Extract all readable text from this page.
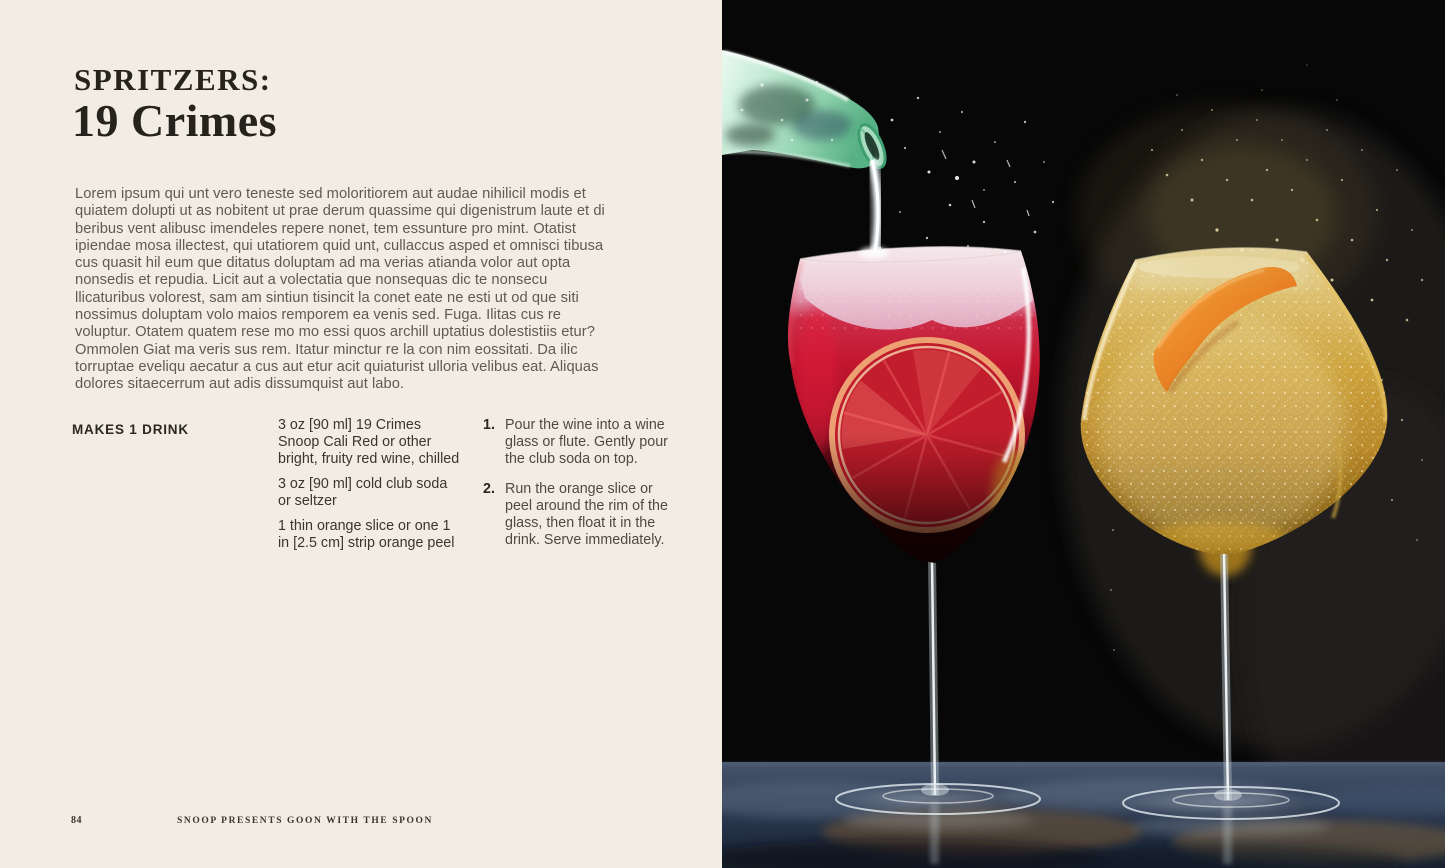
SPRITZERS:
19 Crimes

Lorem ipsum qui unt vero teneste sed moloritiorem aut audae nihilicil modis et quiatem dolupti ut as nobitent ut prae derum quassime qui digenistrum laute et di beribus vent alibusc imendeles repere nonet, tem essunture pro mint. Otatist ipiendae mosa illectest, qui utatiorem quid unt, cullaccus asped et omnisci tibusa cus quasit hil eum que ditatus doluptam ad ma verias atianda volor aut opta nonsedis et repudia. Licit aut a volectatia que nonsequas dic te nonsecu llicaturibus volorest, sam am sintiun tisincit la conet eate ne esti ut od que siti nossimus doluptam volo maios remporem ea venis sed. Fuga. Ilitas cus re voluptur. Otatem quatem rese mo mo essi quos archill uptatius dolestistiis etur? Ommolen Giat ma veris sus rem. Itatur minctur re la con nim eossitati. Da ilic torruptae eveliqu aecatur a cus aut etur acit quiaturist ulloria velibus eat. Aliquas dolores sitaecerrum aut adis dissumquist aut labo.

MAKES 1 DRINK	3 oz [90 ml] 19 Crimes Snoop Cali Red or other bright, fruity red wine, chilled
3 oz [90 ml] cold club soda or seltzer
1 thin orange slice or one 1 in [2.5 cm] strip orange peel
1. Pour the wine into a wine glass or flute. Gently pour the club soda on top.
2. Run the orange slice or peel around the rim of the glass, then float it in the drink. Serve immediately.
84	SNOOP PRESENTS GOON WITH THE SPOON
